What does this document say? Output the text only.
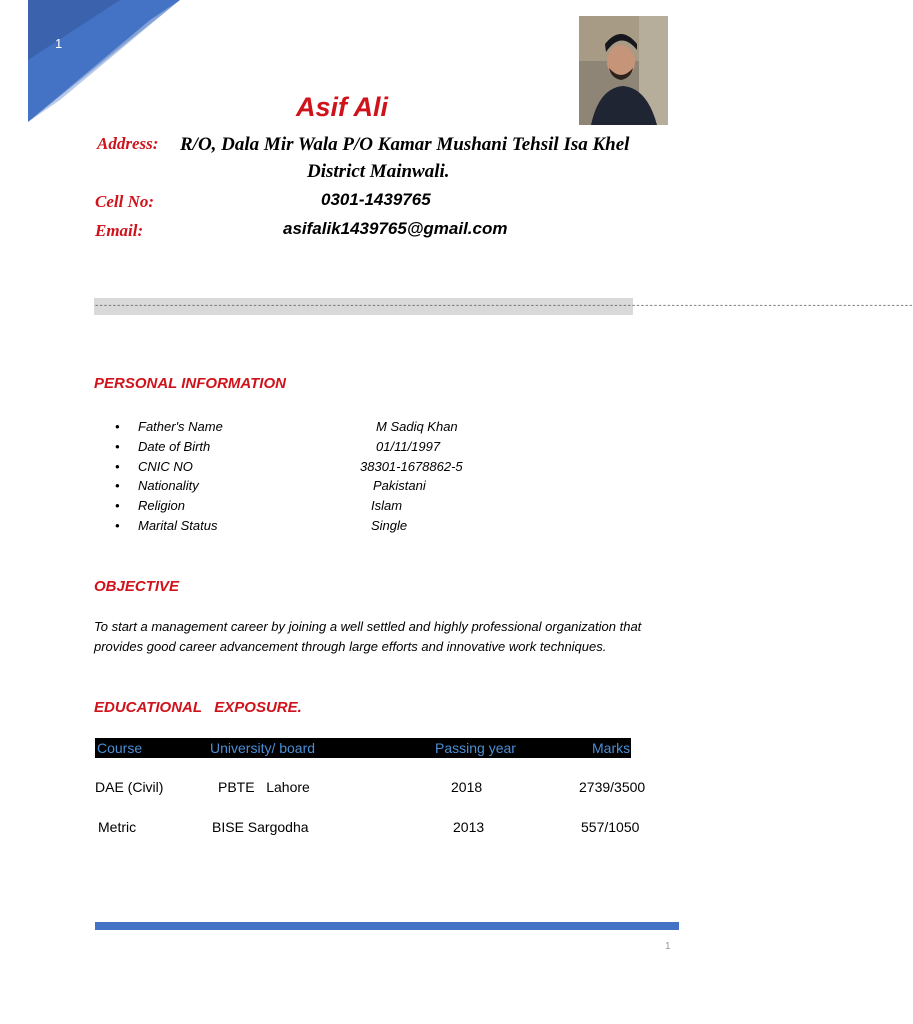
1
Asif Ali
Address: R/O, Dala Mir Wala P/O Kamar Mushani Tehsil Isa Khel
District Mainwali.
Cell No:	0301-1439765
Email:	asifalik1439765@gmail.com
------------------------------------------------------------------------------------------------------------------------------------------------------------------------------------------
PERSONAL INFORMATION
• Father's Name	M Sadiq Khan
• Date of Birth	01/11/1997
• CNIC NO	38301-1678862-5
• Nationality	Pakistani
• Religion	Islam
• Marital Status	Single
OBJECTIVE
To start a management career by joining a well settled and highly professional organization that provides good career advancement through large efforts and innovative work techniques.
EDUCATIONAL   EXPOSURE.
Course	University/ board	Passing year	Marks
DAE (Civil)	PBTE   Lahore	2018	2739/3500
Metric	BISE Sargodha	2013	557/1050
1
